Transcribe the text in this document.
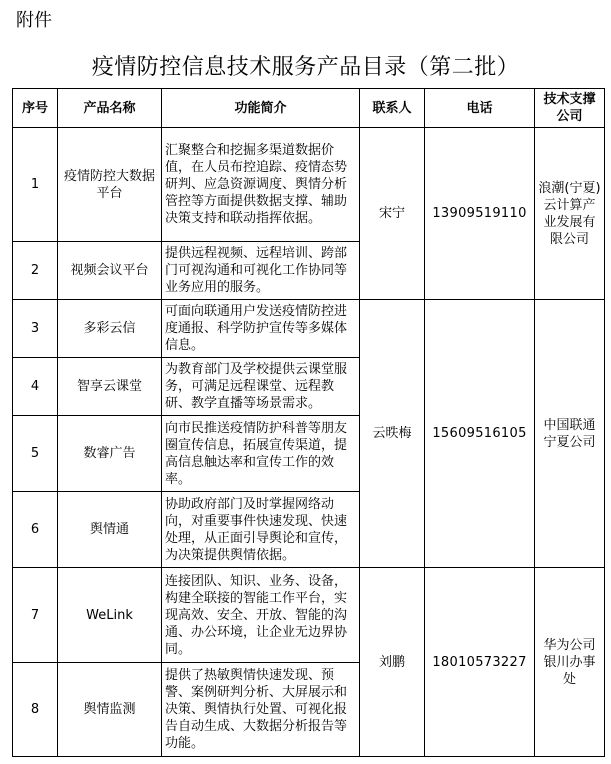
附件
疫情防控信息技术服务产品目录（第二批）
序号	产品名称	功能简介	联系人	电话	技术支撑公司
1	疫情防控大数据平台	汇聚整合和挖掘多渠道数据价值，在人员布控追踪、疫情态势研判、应急资源调度、舆情分析管控等方面提供数据支撑、辅助决策支持和联动指挥依据。	宋宁	13909519110	浪潮(宁夏)云计算产业发展有限公司
2	视频会议平台	提供远程视频、远程培训、跨部门可视沟通和可视化工作协同等业务应用的服务。			
3	多彩云信	可面向联通用户发送疫情防控进度通报、科学防护宣传等多媒体信息。	云昳梅	15609516105	中国联通宁夏公司
4	智享云课堂	为教育部门及学校提供云课堂服务，可满足远程课堂、远程教研、教学直播等场景需求。			
5	数睿广告	向市民推送疫情防护科普等朋友圈宣传信息，拓展宣传渠道，提高信息触达率和宣传工作的效率。			
6	舆情通	协助政府部门及时掌握网络动向，对重要事件快速发现、快速处理，从正面引导舆论和宣传，为决策提供舆情依据。			
7	WeLink	连接团队、知识、业务、设备，构建全联接的智能工作平台，实现高效、安全、开放、智能的沟通、办公环境，让企业无边界协同。	刘鹏	18010573227	华为公司银川办事处
8	舆情监测	提供了热敏舆情快速发现、预警、案例研判分析、大屏展示和决策、舆情执行处置、可视化报告自动生成、大数据分析报告等功能。			
